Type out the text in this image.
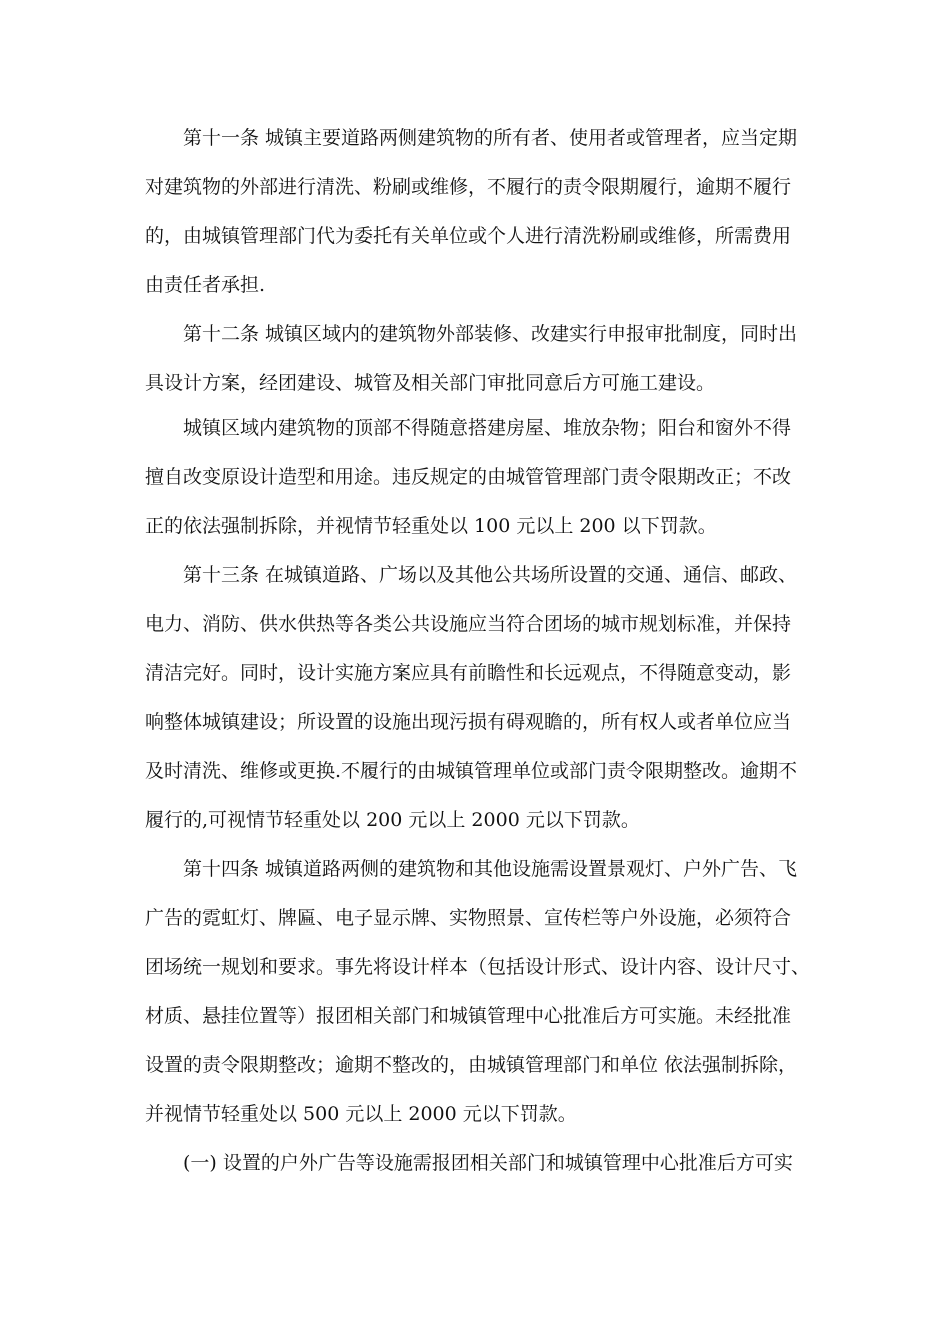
第十一条 城镇主要道路两侧建筑物的所有者、使用者或管理者，应当定期
对建筑物的外部进行清洗、粉刷或维修，不履行的责令限期履行，逾期不履行
的，由城镇管理部门代为委托有关单位或个人进行清洗粉刷或维修，所需费用
由责任者承担.
第十二条 城镇区域内的建筑物外部装修、改建实行申报审批制度，同时出
具设计方案，经团建设、城管及相关部门审批同意后方可施工建设。
城镇区域内建筑物的顶部不得随意搭建房屋、堆放杂物；阳台和窗外不得
擅自改变原设计造型和用途。违反规定的由城管管理部门责令限期改正；不改
正的依法强制拆除，并视情节轻重处以 100 元以上 200 以下罚款。
第十三条 在城镇道路、广场以及其他公共场所设置的交通、通信、邮政、
电力、消防、供水供热等各类公共设施应当符合团场的城市规划标准，并保持
清洁完好。同时，设计实施方案应具有前瞻性和长远观点，不得随意变动，影
响整体城镇建设；所设置的设施出现污损有碍观瞻的，所有权人或者单位应当
及时清洗、维修或更换.不履行的由城镇管理单位或部门责令限期整改。逾期不
履行的,可视情节轻重处以 200 元以上 2000 元以下罚款。
第十四条 城镇道路两侧的建筑物和其他设施需设置景观灯、户外广告、飞
广告的霓虹灯、牌匾、电子显示牌、实物照景、宣传栏等户外设施，必须符合
团场统一规划和要求。事先将设计样本（包括设计形式、设计内容、设计尺寸、
材质、悬挂位置等）报团相关部门和城镇管理中心批准后方可实施。未经批准
设置的责令限期整改；逾期不整改的，由城镇管理部门和单位 依法强制拆除，
并视情节轻重处以 500 元以上 2000 元以下罚款。
(一) 设置的户外广告等设施需报团相关部门和城镇管理中心批准后方可实
